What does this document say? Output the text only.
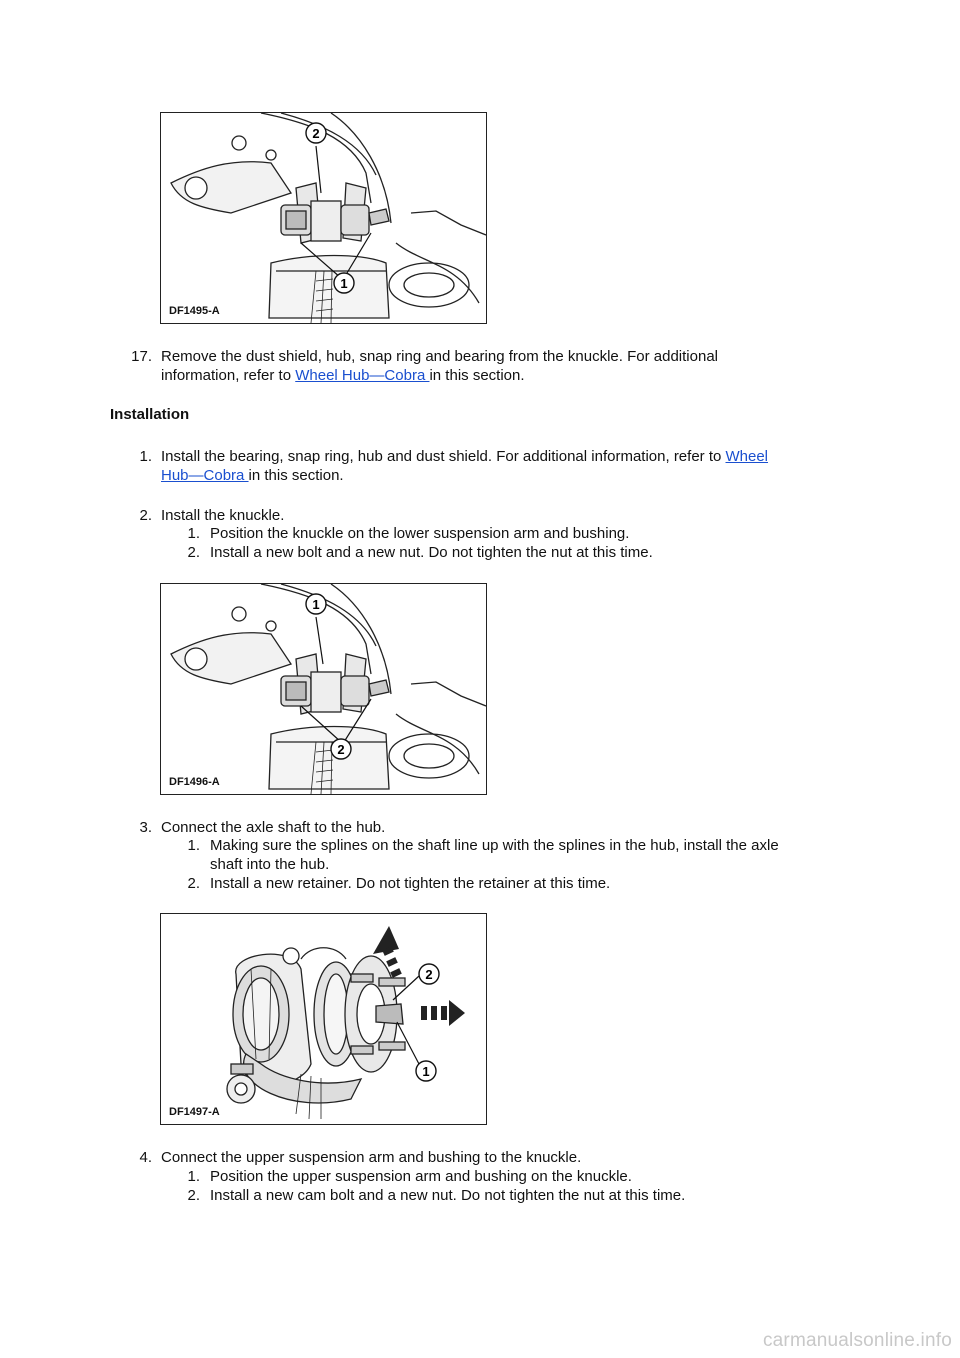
2
1
DF1495-A
17. Remove the dust shield, hub, snap ring and bearing from the knuckle. For additional
information, refer to Wheel Hub—Cobra in this section.
Installation
1. Install the bearing, snap ring, hub and dust shield. For additional information, refer to Wheel
Hub—Cobra in this section.
2. Install the knuckle.
1. Position the knuckle on the lower suspension arm and bushing.
2. Install a new bolt and a new nut. Do not tighten the nut at this time.
1
2
DF1496-A
3. Connect the axle shaft to the hub.
1. Making sure the splines on the shaft line up with the splines in the hub, install the axle
shaft into the hub.
2. Install a new retainer. Do not tighten the retainer at this time.
2
1
DF1497-A
4. Connect the upper suspension arm and bushing to the knuckle.
1. Position the upper suspension arm and bushing on the knuckle.
2. Install a new cam bolt and a new nut. Do not tighten the nut at this time.
carmanualsonline.info
